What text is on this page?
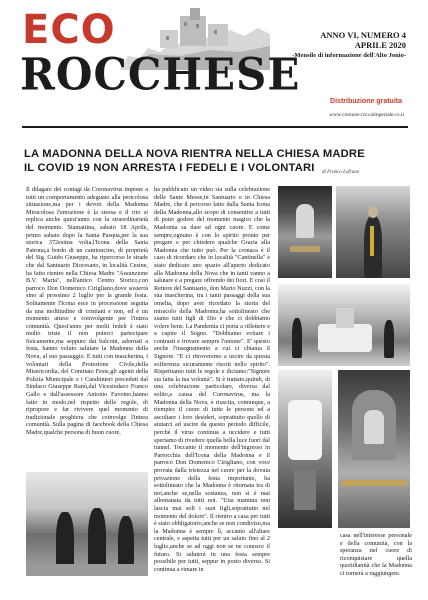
ECO
ROCCHESE
ANNO VI, NUMERO 4
APRILE 2020
-Mensile di informazione dell'Alto Jonio-
Distribuzione gratuita
www.comune.roccaimperiale.cs.it
LA MADONNA DELLA NOVA RIENTRA NELLA CHIESA MADRE
IL COVID 19 NON ARRESTA I FEDELI E I VOLONTARI di Franco Lofrano
Il dilagare dei contagi da Coronavirus impone a tutti un comportamento adeguato alla pericolosa situazione,ma per i devoti della Madonna Miracolosa l'emozione è la stessa e il rito si replica anche quest'anno con la straordinarietà del momento. Stamattina, sabato 18 Aprile, primo sabato dopo la Santa Pasqua,per la sua storica 372esima volta,l'Icona della Santa Patrona,a bordo di un camioncino, di proprietà del Sig. Guido Giuseppe, ha ripercorso le strade che dal Santuario Diocesano, in località Cesine, ha fatto rientro nella Chiesa Madre "Assunzione B.V. Maria", nell'antico Centro Storico,con parroco Don Domenico Cirigliano,dove sosterrà sino al prossimo 2 luglio per la grande festa. Solitamente l'Icona esce in processione seguita da una moltitudine di cristiani e non, ed è un momento atteso e coinvolgente per l'intera comunità. Quest'anno per molti fedeli è stato molto triste il non poterci partecipare fisicamente,ma seppure dai balconi, adornati a festa, hanno voluto salutare la Madonna della Nova, al suo passaggio. E tutti con mascherina, i volontari della Protezione Civile,della Misericordia, del Comitato Feste,gli agenti della Polizia Municipale e i Carabinieri preceduti dal Sindaco Giuseppe Ranù,dal Vicesindaco Franco Gallo e dall'assessore Antonio Favoino,hanno fatto in modo,nel rispetto delle regole, di ripropore e far rivivere quel momento di tradizionale preghiera che coinvolge l'intera comunità. Sulla pagina di facebook della Chiesa Madre,qualche persona di buon cuore,
ha pubblicato un video sia sulla celebrazione delle Sante Messe,in Santuario e in Chiesa Madre, che il percorso fatto dalla Santa Icona della Madonna,allo scopo di consentire a tutti di poter godere del momento magico che la Madonna sa dare ad ogni cuore. E come sempre,ognuno è con lo spirito pronto per pregare e per chiedere qualche Grazia alla Madonna che tutto può. Per la cronaca è il caso di ricordare che in località "Cantinella" è stato dedicato uno spazio all'aperto dedicato alla Madonna della Nova che in tanti vanno a salutare e a pregare offrendo dei fiori. E così il Rettore del Santuario, don Mario Nuzzi, con la sua mascherina, tra i tanti passaggi della sua omelia, dopo aver ricordato la storia del miracolo della Madonna,ha sottolineato che siamo tutti figli di Dio e che ci dobbiamo volere bene. La Pandemia ci porta a riflettere e a capire il Sogno. "Dobbiamo evitare i contrasti e trovare sempre l'unione". E' questo anche l'insegnamento a cui ci chiama il Signore. "E ci ritroveremo a uscire da questa sofferenza sicuramente risorti nello spirito". Rispettiamo tutti le regole e diciamo:"Signore sia fatta la tua volontà". Si è trattato,quindi, di una celebrazione particolare, diversa dal solito,a causa del Coronavirus, ma la Madonna della Nova, è riuscita, comunque, a riempire il cuore di tutte le persone ed a ascoltare i loro desideri, soprattutto quello di aiutarci ad uscire da questo periodo difficile, perché il virus continua a uccidere e tutti speriamo di rivedere quella bella luce fuori dal tunnel. Toccante il momento dell'ingresso in Parrocchia dell'Icona della Madonna e il parroco Don Domenico Cirigliano, con voce provata dalla tristezza nel cuore per la dovuta privazione della festa importante, ha sottolineato che la Madonna è ritornata tra di noi,anche se,nella sostanza, non si è mai allontanata da tutti noi. "Una mamma non lascia mai soli i suoi figli,soprattutto nel momento del dolore". Il rientro a casa per tutti è stato obbligatorio,anche se non condiviso,ma la Madonna è sempre lì, accanto all'altare centrale, e aspetta tutti per un saluto fino al 2 luglio,anche se ad oggi non se ne conosce il futuro. Si saluterà in una festa sempre possibile per tutti, seppur in posto diverso. Si continua a rimare in
casa nell'interesse personale e della comunità, con la speranza nel cuore di riconquistare quella quotidianità che la Madonna ci tornerà a raggiungere.
